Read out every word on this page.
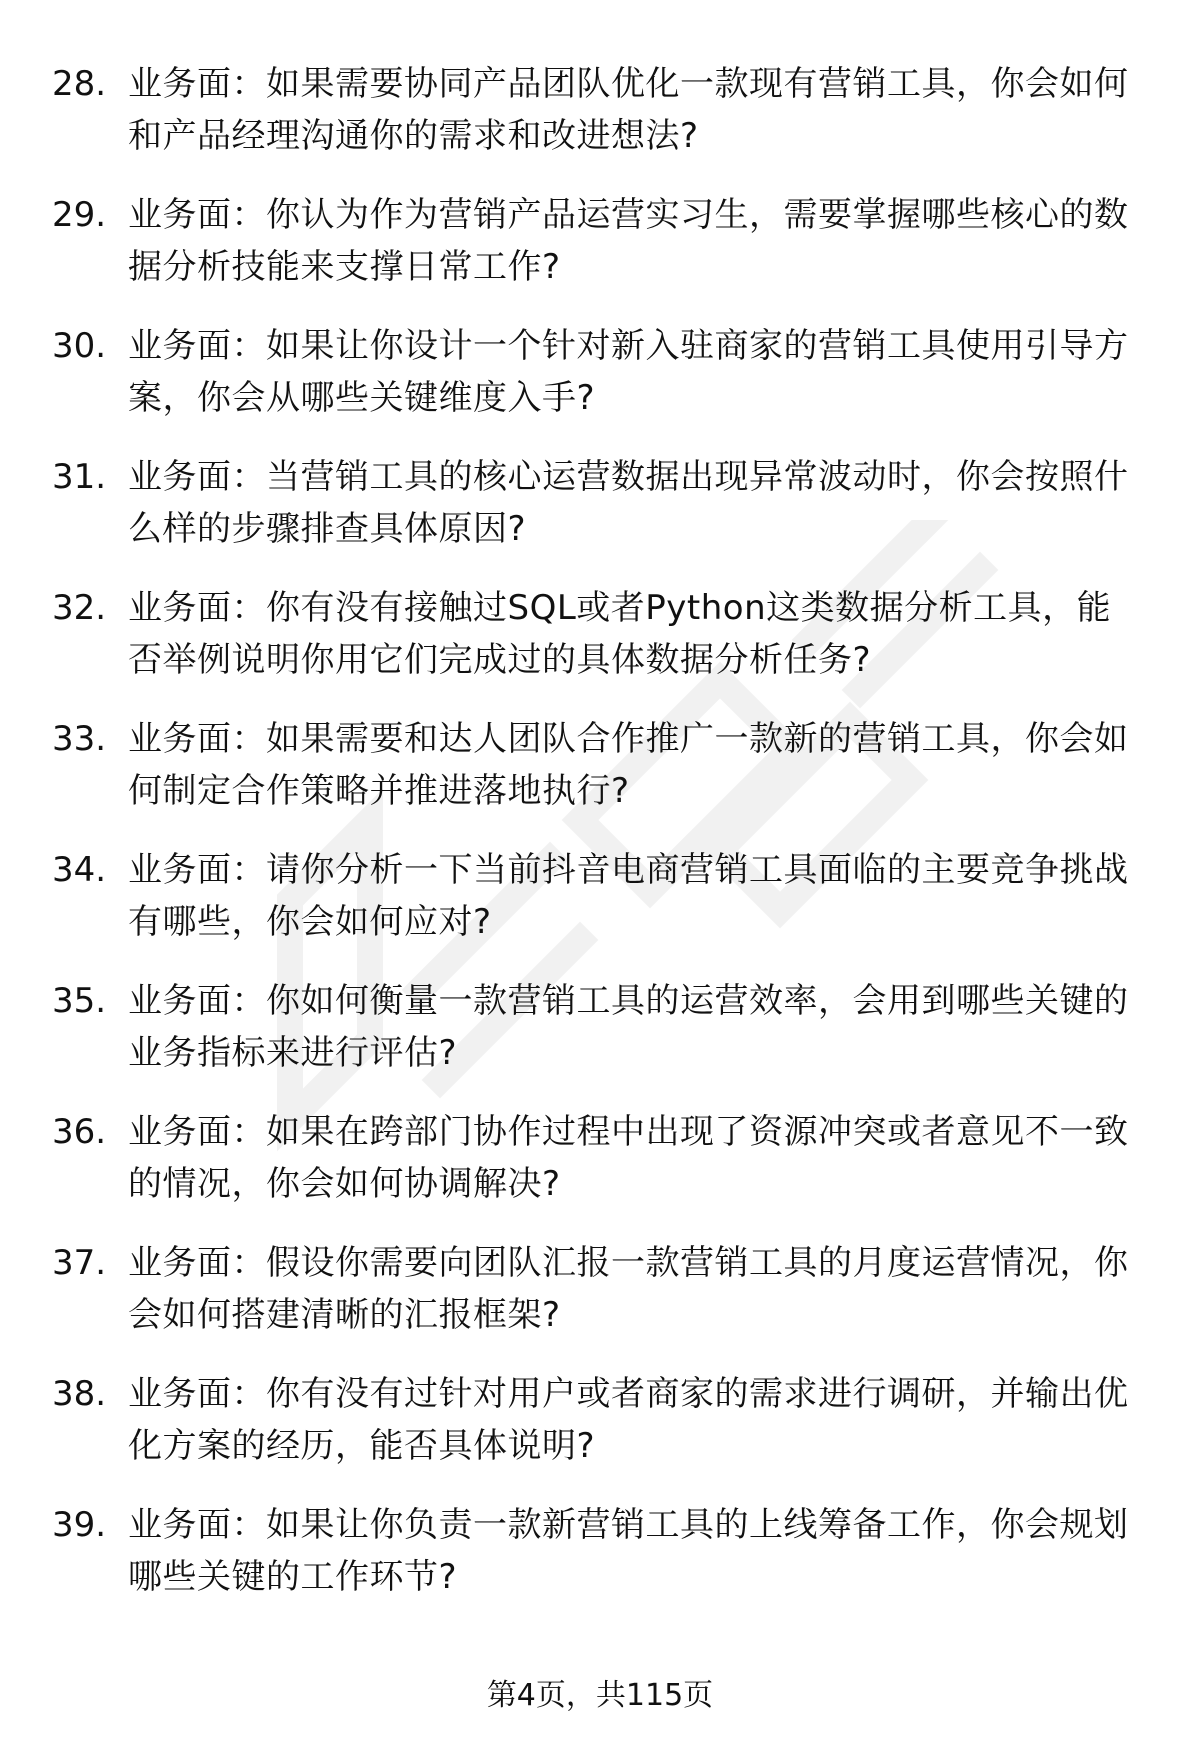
28. 业务面：如果需要协同产品团队优化一款现有营销工具，你会如何和产品经理沟通你的需求和改进想法?
29. 业务面：你认为作为营销产品运营实习生，需要掌握哪些核心的数据分析技能来支撑日常工作?
30. 业务面：如果让你设计一个针对新入驻商家的营销工具使用引导方案，你会从哪些关键维度入手?
31. 业务面：当营销工具的核心运营数据出现异常波动时，你会按照什么样的步骤排查具体原因?
32. 业务面：你有没有接触过SQL或者Python这类数据分析工具，能否举例说明你用它们完成过的具体数据分析任务?
33. 业务面：如果需要和达人团队合作推广一款新的营销工具，你会如何制定合作策略并推进落地执行?
34. 业务面：请你分析一下当前抖音电商营销工具面临的主要竞争挑战有哪些，你会如何应对?
35. 业务面：你如何衡量一款营销工具的运营效率，会用到哪些关键的业务指标来进行评估?
36. 业务面：如果在跨部门协作过程中出现了资源冲突或者意见不一致的情况，你会如何协调解决?
37. 业务面：假设你需要向团队汇报一款营销工具的月度运营情况，你会如何搭建清晰的汇报框架?
38. 业务面：你有没有过针对用户或者商家的需求进行调研，并输出优化方案的经历，能否具体说明?
39. 业务面：如果让你负责一款新营销工具的上线筹备工作，你会规划哪些关键的工作环节?
第4页，共115页
